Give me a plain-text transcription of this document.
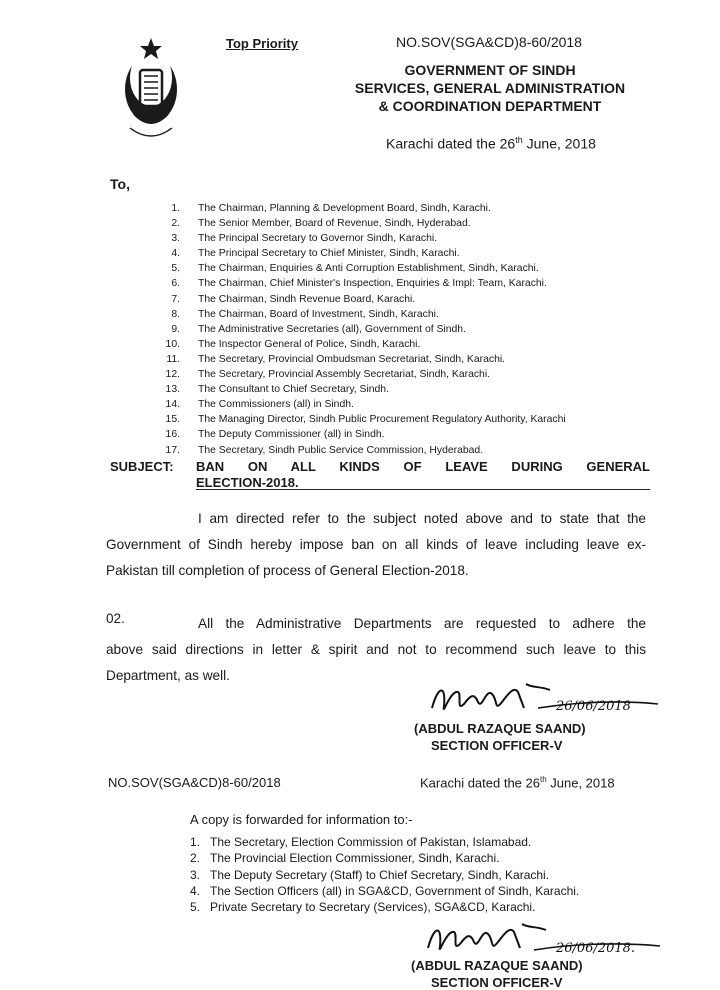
Top Priority	NO.SOV(SGA&CD)8-60/2018
GOVERNMENT OF SINDH
SERVICES, GENERAL ADMINISTRATION
& COORDINATION DEPARTMENT
Karachi dated the 26th June, 2018
To,
1. The Chairman, Planning & Development Board, Sindh, Karachi.
2. The Senior Member, Board of Revenue, Sindh, Hyderabad.
3. The Principal Secretary to Governor Sindh, Karachi.
4. The Principal Secretary to Chief Minister, Sindh, Karachi.
5. The Chairman, Enquiries & Anti Corruption Establishment, Sindh, Karachi.
6. The Chairman, Chief Minister's Inspection, Enquiries & Impl: Team, Karachi.
7. The Chairman, Sindh Revenue Board, Karachi.
8. The Chairman, Board of Investment, Sindh, Karachi.
9. The Administrative Secretaries (all), Government of Sindh.
10. The Inspector General of Police, Sindh, Karachi.
11. The Secretary, Provincial Ombudsman Secretariat, Sindh, Karachi.
12. The Secretary, Provincial Assembly Secretariat, Sindh, Karachi.
13. The Consultant to Chief Secretary, Sindh.
14. The Commissioners (all) in Sindh.
15. The Managing Director, Sindh Public Procurement Regulatory Authority, Karachi
16. The Deputy Commissioner (all) in Sindh.
17. The Secretary, Sindh Public Service Commission, Hyderabad.
SUBJECT: BAN ON ALL KINDS OF LEAVE DURING GENERAL
ELECTION-2018.
I am directed refer to the subject noted above and to state that the
Government of Sindh hereby impose ban on all kinds of leave including leave ex-
Pakistan till completion of process of General Election-2018.
All the Administrative Departments are requested to adhere the
above said directions in letter & spirit and not to recommend such leave to this
Department, as well.
02.
26/06/2018
(ABDUL RAZAQUE SAAND)
SECTION OFFICER-V
NO.SOV(SGA&CD)8-60/2018	Karachi dated the 26th June, 2018
A copy is forwarded for information to:-
1. The Secretary, Election Commission of Pakistan, Islamabad.
2. The Provincial Election Commissioner, Sindh, Karachi.
3. The Deputy Secretary (Staff) to Chief Secretary, Sindh, Karachi.
4. The Section Officers (all) in SGA&CD, Government of Sindh, Karachi.
5. Private Secretary to Secretary (Services), SGA&CD, Karachi.
26/06/2018.
(ABDUL RAZAQUE SAAND)
SECTION OFFICER-V
